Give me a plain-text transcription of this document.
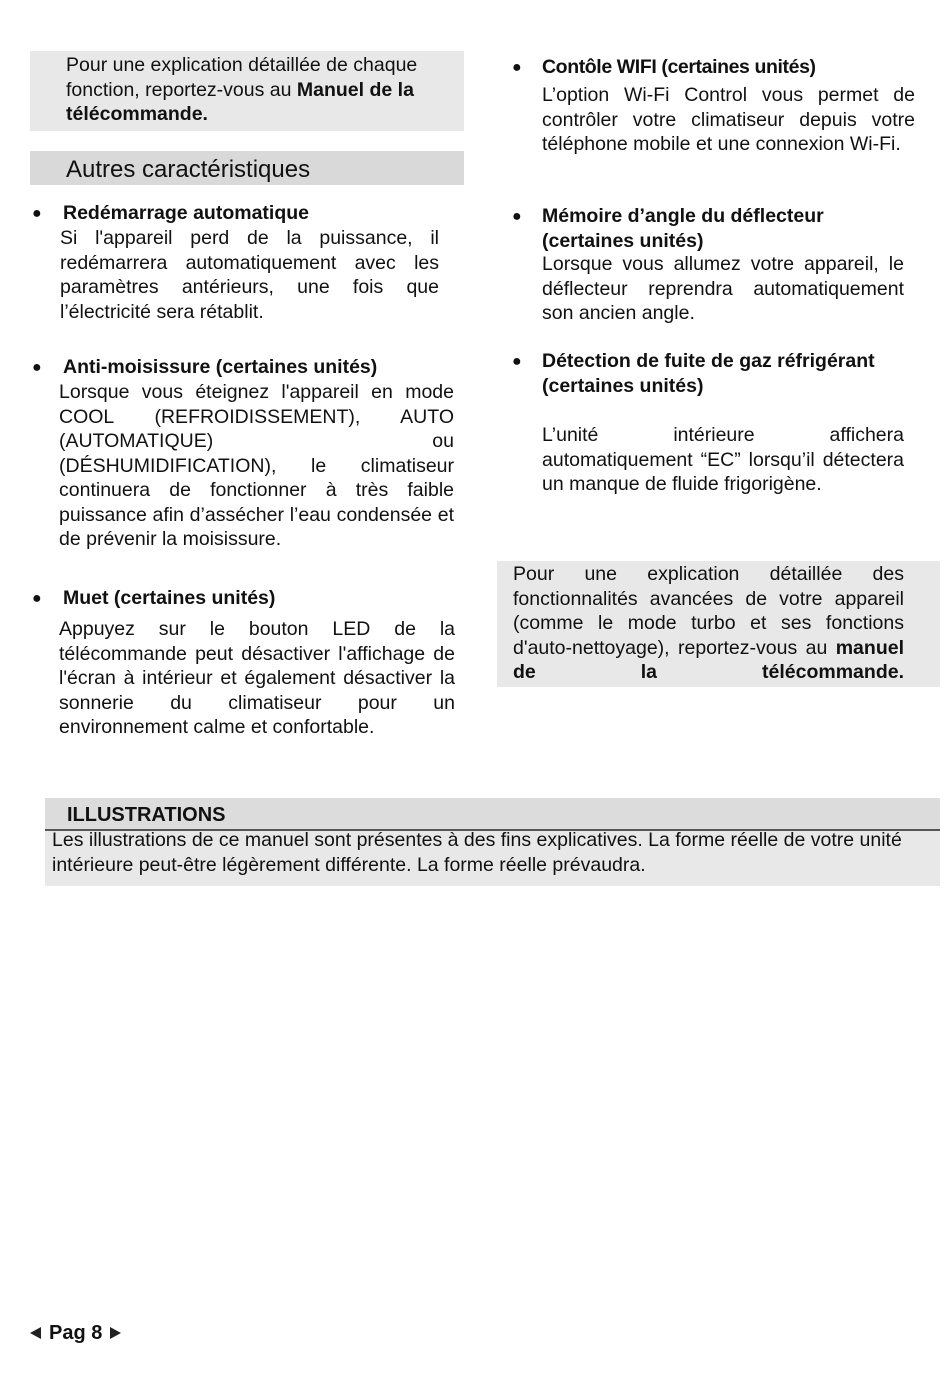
Pour une explication détaillée de chaque fonction, reportez-vous au Manuel de la télécommande.
Autres caractéristiques
● Redémarrage automatique
Si l'appareil perd de la puissance, il redémarrera automatiquement avec les paramètres antérieurs, une fois que l’électricité sera rétablit.
● Anti-moisissure (certaines unités)
Lorsque vous éteignez l'appareil en mode COOL (REFROIDISSEMENT), AUTO (AUTOMATIQUE) ou (DÉSHUMIDIFICATION), le climatiseur continuera de fonctionner à très faible puissance afin d’assécher l’eau condensée et de prévenir la moisissure.
● Muet (certaines unités)
Appuyez sur le bouton LED de la télécommande peut désactiver l'affichage de l'écran à intérieur et également désactiver la sonnerie du climatiseur pour un environnement calme et confortable.
● Contôle WIFI (certaines unités)
L’option Wi-Fi Control vous permet de contrôler votre climatiseur depuis votre téléphone mobile et une connexion Wi-Fi.
● Mémoire d’angle du déflecteur (certaines unités)
Lorsque vous allumez votre appareil, le déflecteur reprendra automatiquement son ancien angle.
● Détection de fuite de gaz réfrigérant (certaines unités)
L’unité intérieure affichera automatiquement “EC” lorsqu’il détectera un manque de fluide frigorigène.
Pour une explication détaillée des fonctionnalités avancées de votre appareil (comme le mode turbo et ses fonctions d'auto-nettoyage), reportez-vous au manuel de la télécommande.
ILLUSTRATIONS
Les illustrations de ce manuel sont présentes à des fins explicatives. La forme réelle de votre unité intérieure peut-être légèrement différente. La forme réelle prévaudra.
Pag 8
